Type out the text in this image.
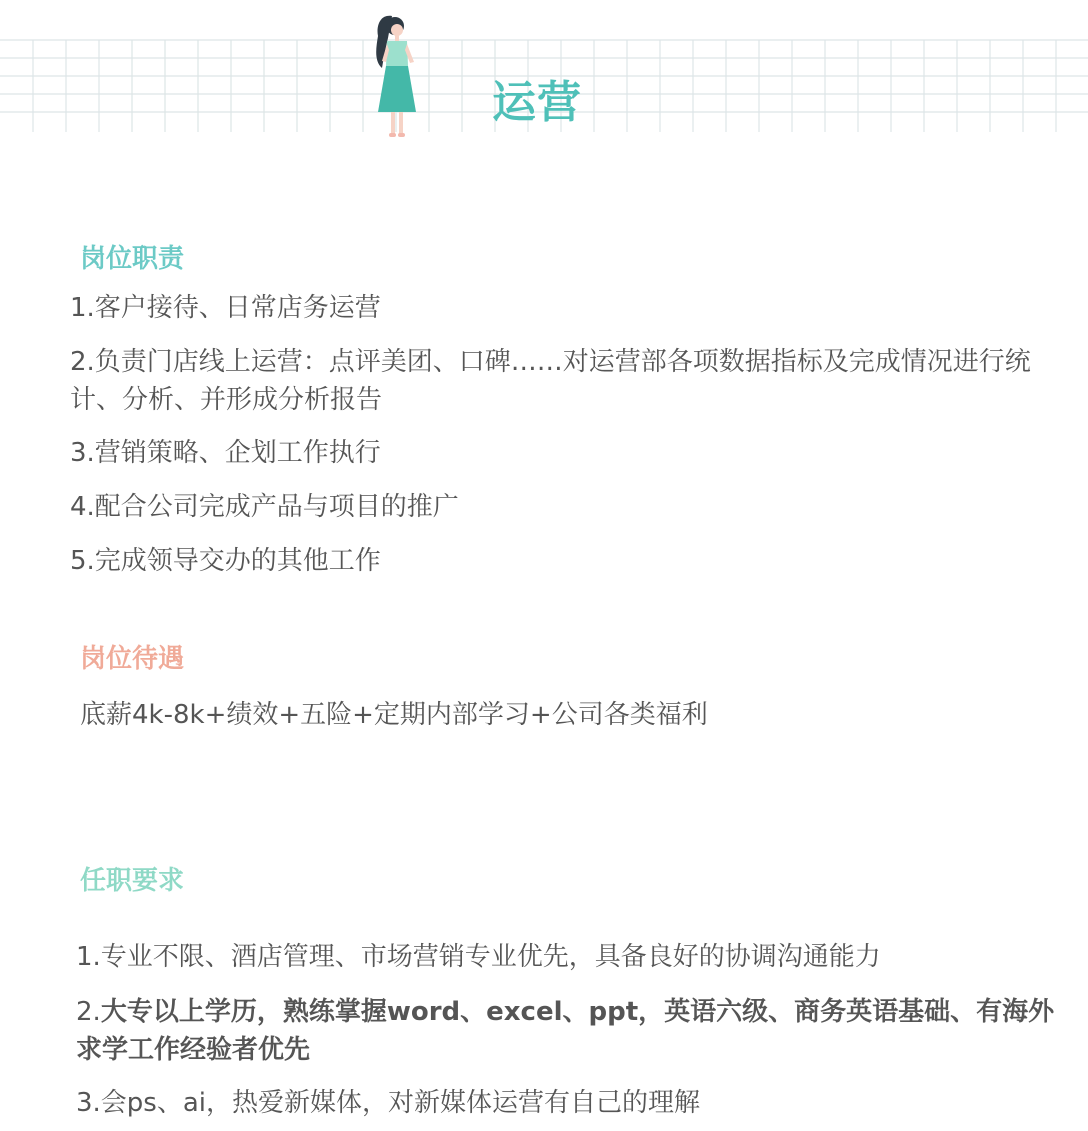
运营
岗位职责
1.客户接待、日常店务运营
2.负责门店线上运营：点评美团、口碑……对运营部各项数据指标及完成情况进行统计、分析、并形成分析报告
3.营销策略、企划工作执行
4.配合公司完成产品与项目的推广
5.完成领导交办的其他工作
岗位待遇
底薪4k-8k+绩效+五险+定期内部学习+公司各类福利
任职要求
1.专业不限、酒店管理、市场营销专业优先，具备良好的协调沟通能力
2.大专以上学历，熟练掌握word、excel、ppt，英语六级、商务英语基础、有海外求学工作经验者优先
3.会ps、ai，热爱新媒体，对新媒体运营有自己的理解
